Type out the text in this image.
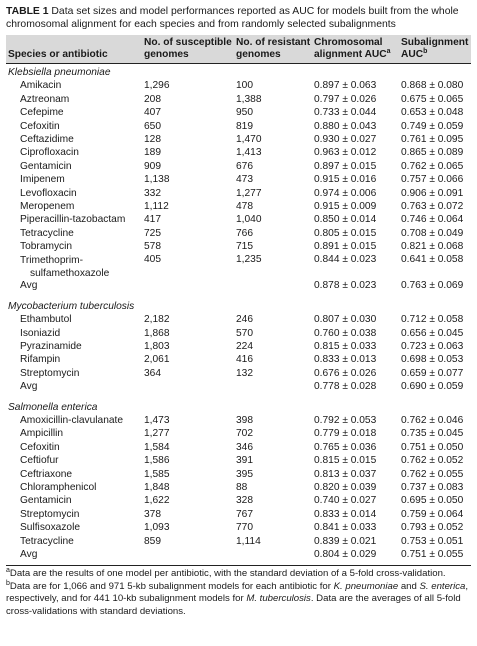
TABLE 1 Data set sizes and model performances reported as AUC for models built from the whole chromosomal alignment for each species and from randomly selected subalignments
Species or antibiotic	No. of susceptible genomes	No. of resistant genomes	Chromosomal alignment AUC$^a$	Subalignment AUC$^b$
Klebsiella pneumoniae				
Amikacin	1,296	100	0.897 ± 0.063	0.868 ± 0.080
Aztreonam	208	1,388	0.797 ± 0.026	0.675 ± 0.065
Cefepime	407	950	0.733 ± 0.044	0.653 ± 0.048
Cefoxitin	650	819	0.880 ± 0.043	0.749 ± 0.059
Ceftazidime	128	1,470	0.930 ± 0.027	0.761 ± 0.095
Ciprofloxacin	189	1,413	0.963 ± 0.012	0.865 ± 0.089
Gentamicin	909	676	0.897 ± 0.015	0.762 ± 0.065
Imipenem	1,138	473	0.915 ± 0.016	0.757 ± 0.066
Levofloxacin	332	1,277	0.974 ± 0.006	0.906 ± 0.091
Meropenem	1,112	478	0.915 ± 0.009	0.763 ± 0.072
Piperacillin-tazobactam	417	1,040	0.850 ± 0.014	0.746 ± 0.064
Tetracycline	725	766	0.805 ± 0.015	0.708 ± 0.049
Tobramycin	578	715	0.891 ± 0.015	0.821 ± 0.068
Trimethoprim-
sulfamethoxazole	405	1,235	0.844 ± 0.023	0.641 ± 0.058
Avg			0.878 ± 0.023	0.763 ± 0.069
Mycobacterium tuberculosis				
Ethambutol	2,182	246	0.807 ± 0.030	0.712 ± 0.058
Isoniazid	1,868	570	0.760 ± 0.038	0.656 ± 0.045
Pyrazinamide	1,803	224	0.815 ± 0.033	0.723 ± 0.063
Rifampin	2,061	416	0.833 ± 0.013	0.698 ± 0.053
Streptomycin	364	132	0.676 ± 0.026	0.659 ± 0.077
Avg			0.778 ± 0.028	0.690 ± 0.059
Salmonella enterica				
Amoxicillin-clavulanate	1,473	398	0.792 ± 0.053	0.762 ± 0.046
Ampicillin	1,277	702	0.779 ± 0.018	0.735 ± 0.045
Cefoxitin	1,584	346	0.765 ± 0.036	0.751 ± 0.050
Ceftiofur	1,586	391	0.815 ± 0.015	0.762 ± 0.052
Ceftriaxone	1,585	395	0.813 ± 0.037	0.762 ± 0.055
Chloramphenicol	1,848	88	0.820 ± 0.039	0.737 ± 0.083
Gentamicin	1,622	328	0.740 ± 0.027	0.695 ± 0.050
Streptomycin	378	767	0.833 ± 0.014	0.759 ± 0.064
Sulfisoxazole	1,093	770	0.841 ± 0.033	0.793 ± 0.052
Tetracycline	859	1,114	0.839 ± 0.021	0.753 ± 0.051
Avg			0.804 ± 0.029	0.751 ± 0.055

$^a$Data are the results of one model per antibiotic, with the standard deviation of a 5-fold cross-validation.

$^b$Data are for 1,066 and 971 5-kb subalignment models for each antibiotic for K. pneumoniae and S. enterica, respectively, and for 441 10-kb subalignment models for M. tuberculosis. Data are the averages of all 5-fold cross-validations with standard deviations.
